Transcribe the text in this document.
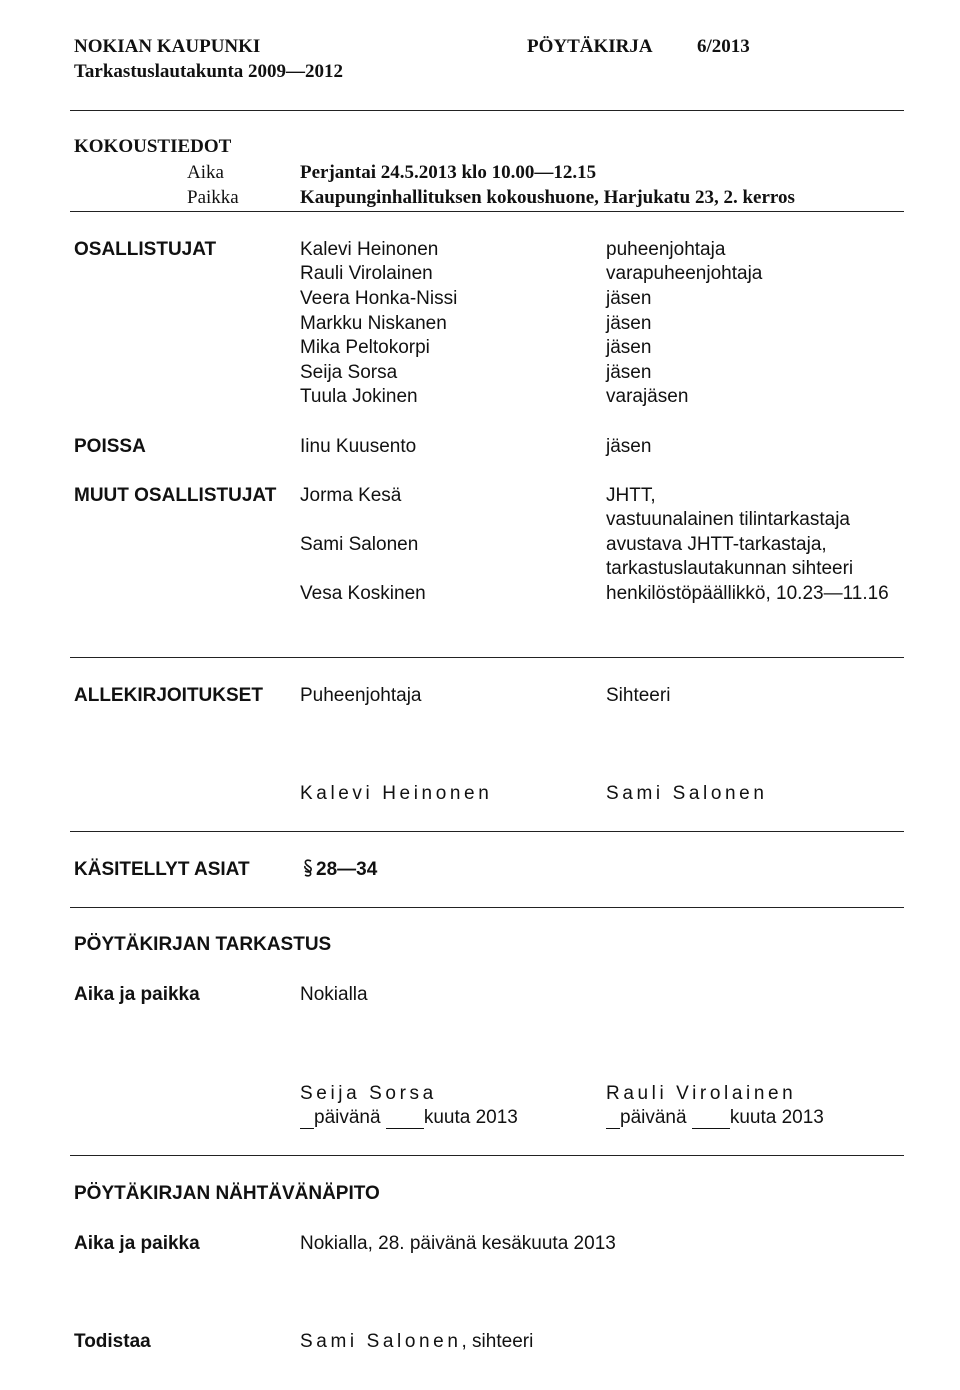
NOKIAN KAUPUNKI	PÖYTÄKIRJA 6/2013
Tarkastuslautakunta 2009—2012
KOKOUSTIEDOT
Aika	Perjantai 24.5.2013 klo 10.00—12.15
Paikka	Kaupunginhallituksen kokoushuone, Harjukatu 23, 2. kerros
OSALLISTUJAT	Kalevi Heinonen	puheenjohtaja
Rauli Virolainen	varapuheenjohtaja
Veera Honka-Nissi	jäsen
Markku Niskanen	jäsen
Mika Peltokorpi	jäsen
Seija Sorsa	jäsen
Tuula Jokinen	varajäsen
POISSA	Iinu Kuusento	jäsen
MUUT OSALLISTUJAT Jorma Kesä	JHTT,
vastuunalainen tilintarkastaja
Sami Salonen	avustava JHTT-tarkastaja,
tarkastuslautakunnan sihteeri
Vesa Koskinen	henkilöstöpäällikkö, 10.23—11.16
ALLEKIRJOITUKSET Puheenjohtaja	Sihteeri
Kalevi Heinonen	Sami Salonen
KÄSITELLYT ASIAT	28—34
PÖYTÄKIRJAN TARKASTUS
Aika ja paikka	Nokialla
Seija Sorsa	Rauli Virolainen
päivänä kuuta 2013	päivänä kuuta 2013
PÖYTÄKIRJAN NÄHTÄVÄNÄPITO
Aika ja paikka	Nokialla, 28. päivänä kesäkuuta 2013
Todistaa	Sami Salonen, sihteeri
